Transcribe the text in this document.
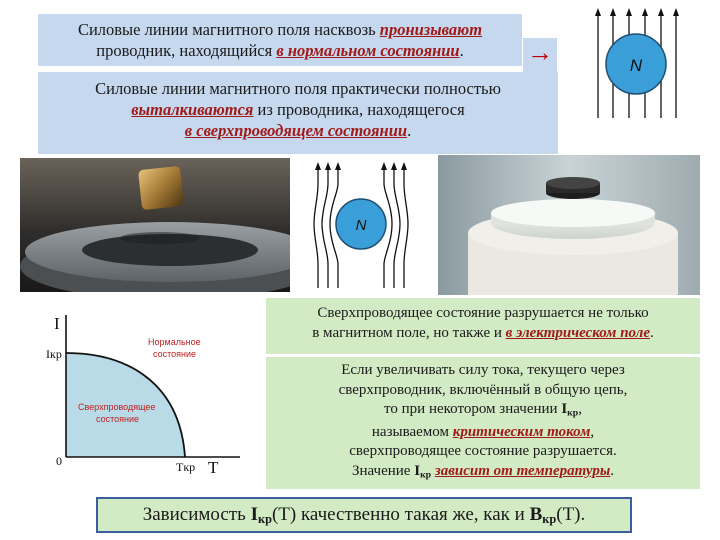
Силовые линии магнитного поля насквозь пронизывают
проводник, находящийся в нормальном состоянии.	→	N
Силовые линии магнитного поля практически полностью
выталкиваются из проводника, находящегося
в сверхпроводящем состоянии.
N
I
Iкр
0	Tкр T
Нормальное
состояние
Сверхпроводящее
состояние
Сверхпроводящее состояние разрушается не только
в магнитном поле, но также и в электрическом поле.
Если увеличивать силу тока, текущего через
сверхпроводник, включённый в общую цепь,
то при некотором значении $I_{кр}$,
называемом критическим током,
сверхпроводящее состояние разрушается.
Значение $I_{кр}$ зависит от температуры.
Зависимость $I_{кр}(T)$ качественно такая же, как и $B_{кр}(T)$.
